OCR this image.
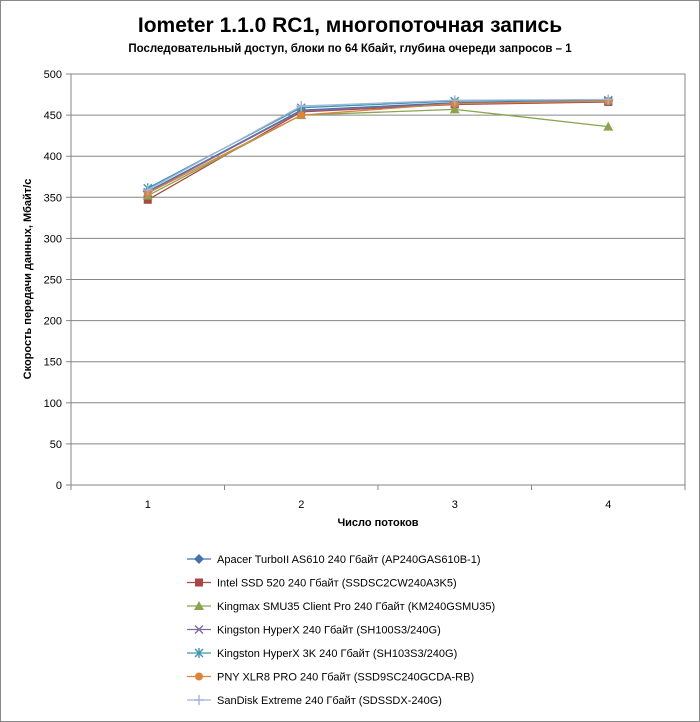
Iometer 1.1.0 RC1, многопоточная запись
Последовательный доступ, блоки по 64 Кбайт, глубина очереди запросов – 1
0
50
100
150
200
250
300
350
400
450
500
1	2	3	4
Число потоков
Скорость передачи данных, Мбайт/с
Apacer TurboII AS610 240 Гбайт (AP240GAS610B-1)
Intel SSD 520 240 Гбайт (SSDSC2CW240A3K5)
Kingmax SMU35 Client Pro 240 Гбайт (KM240GSMU35)
Kingston HyperX 240 Гбайт (SH100S3/240G)
Kingston HyperX 3K 240 Гбайт (SH103S3/240G)
PNY XLR8 PRO 240 Гбайт (SSD9SC240GCDA-RB)
SanDisk Extreme 240 Гбайт (SDSSDX-240G)
